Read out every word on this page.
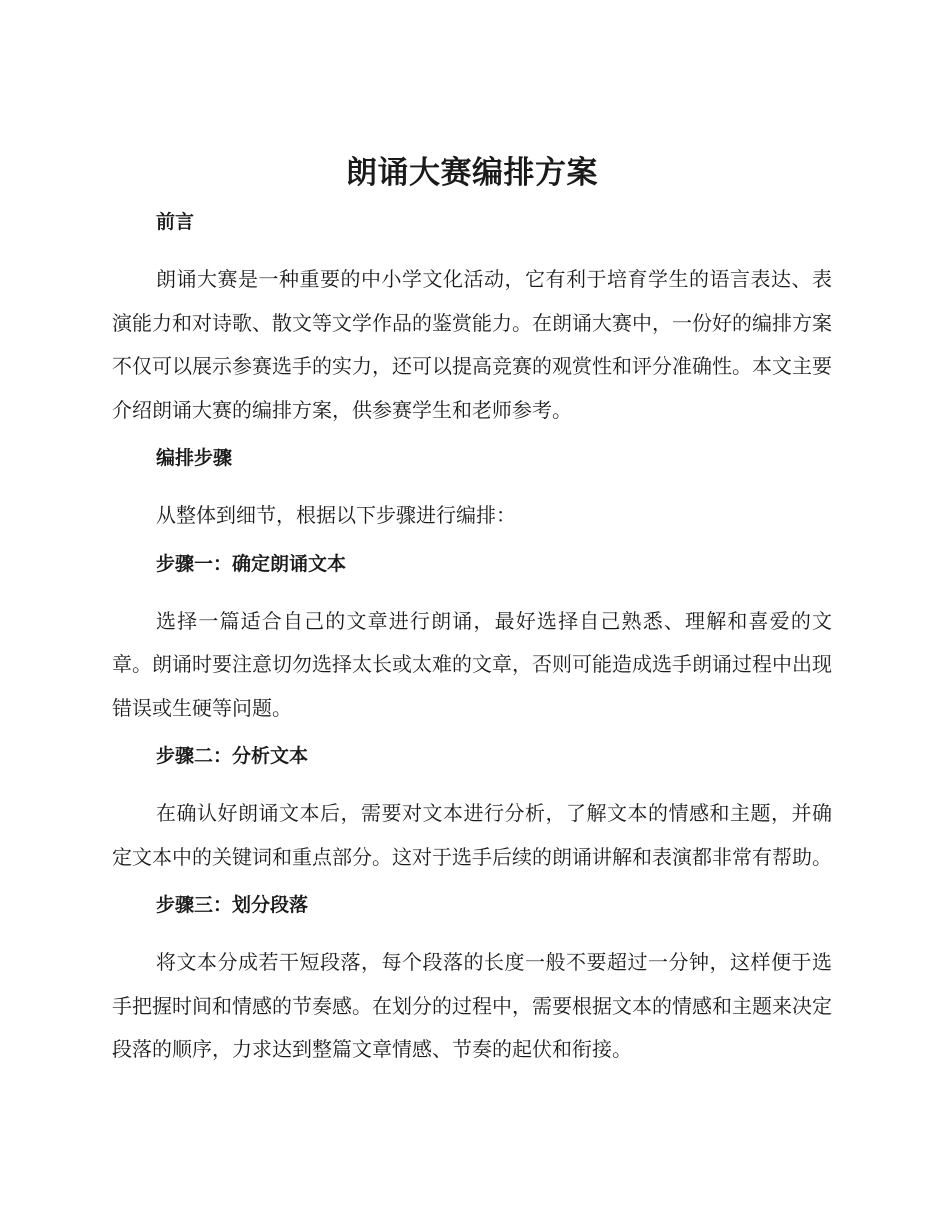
朗诵大赛编排方案
前言

朗诵大赛是一种重要的中小学文化活动，它有利于培育学生的语言表达、表演能力和对诗歌、散文等文学作品的鉴赏能力。在朗诵大赛中，一份好的编排方案不仅可以展示参赛选手的实力，还可以提高竞赛的观赏性和评分准确性。本文主要介绍朗诵大赛的编排方案，供参赛学生和老师参考。

编排步骤

从整体到细节，根据以下步骤进行编排：

步骤一：确定朗诵文本

选择一篇适合自己的文章进行朗诵，最好选择自己熟悉、理解和喜爱的文章。朗诵时要注意切勿选择太长或太难的文章，否则可能造成选手朗诵过程中出现错误或生硬等问题。

步骤二：分析文本

在确认好朗诵文本后，需要对文本进行分析，了解文本的情感和主题，并确定文本中的关键词和重点部分。这对于选手后续的朗诵讲解和表演都非常有帮助。

步骤三：划分段落

将文本分成若干短段落，每个段落的长度一般不要超过一分钟，这样便于选手把握时间和情感的节奏感。在划分的过程中，需要根据文本的情感和主题来决定段落的顺序，力求达到整篇文章情感、节奏的起伏和衔接。
